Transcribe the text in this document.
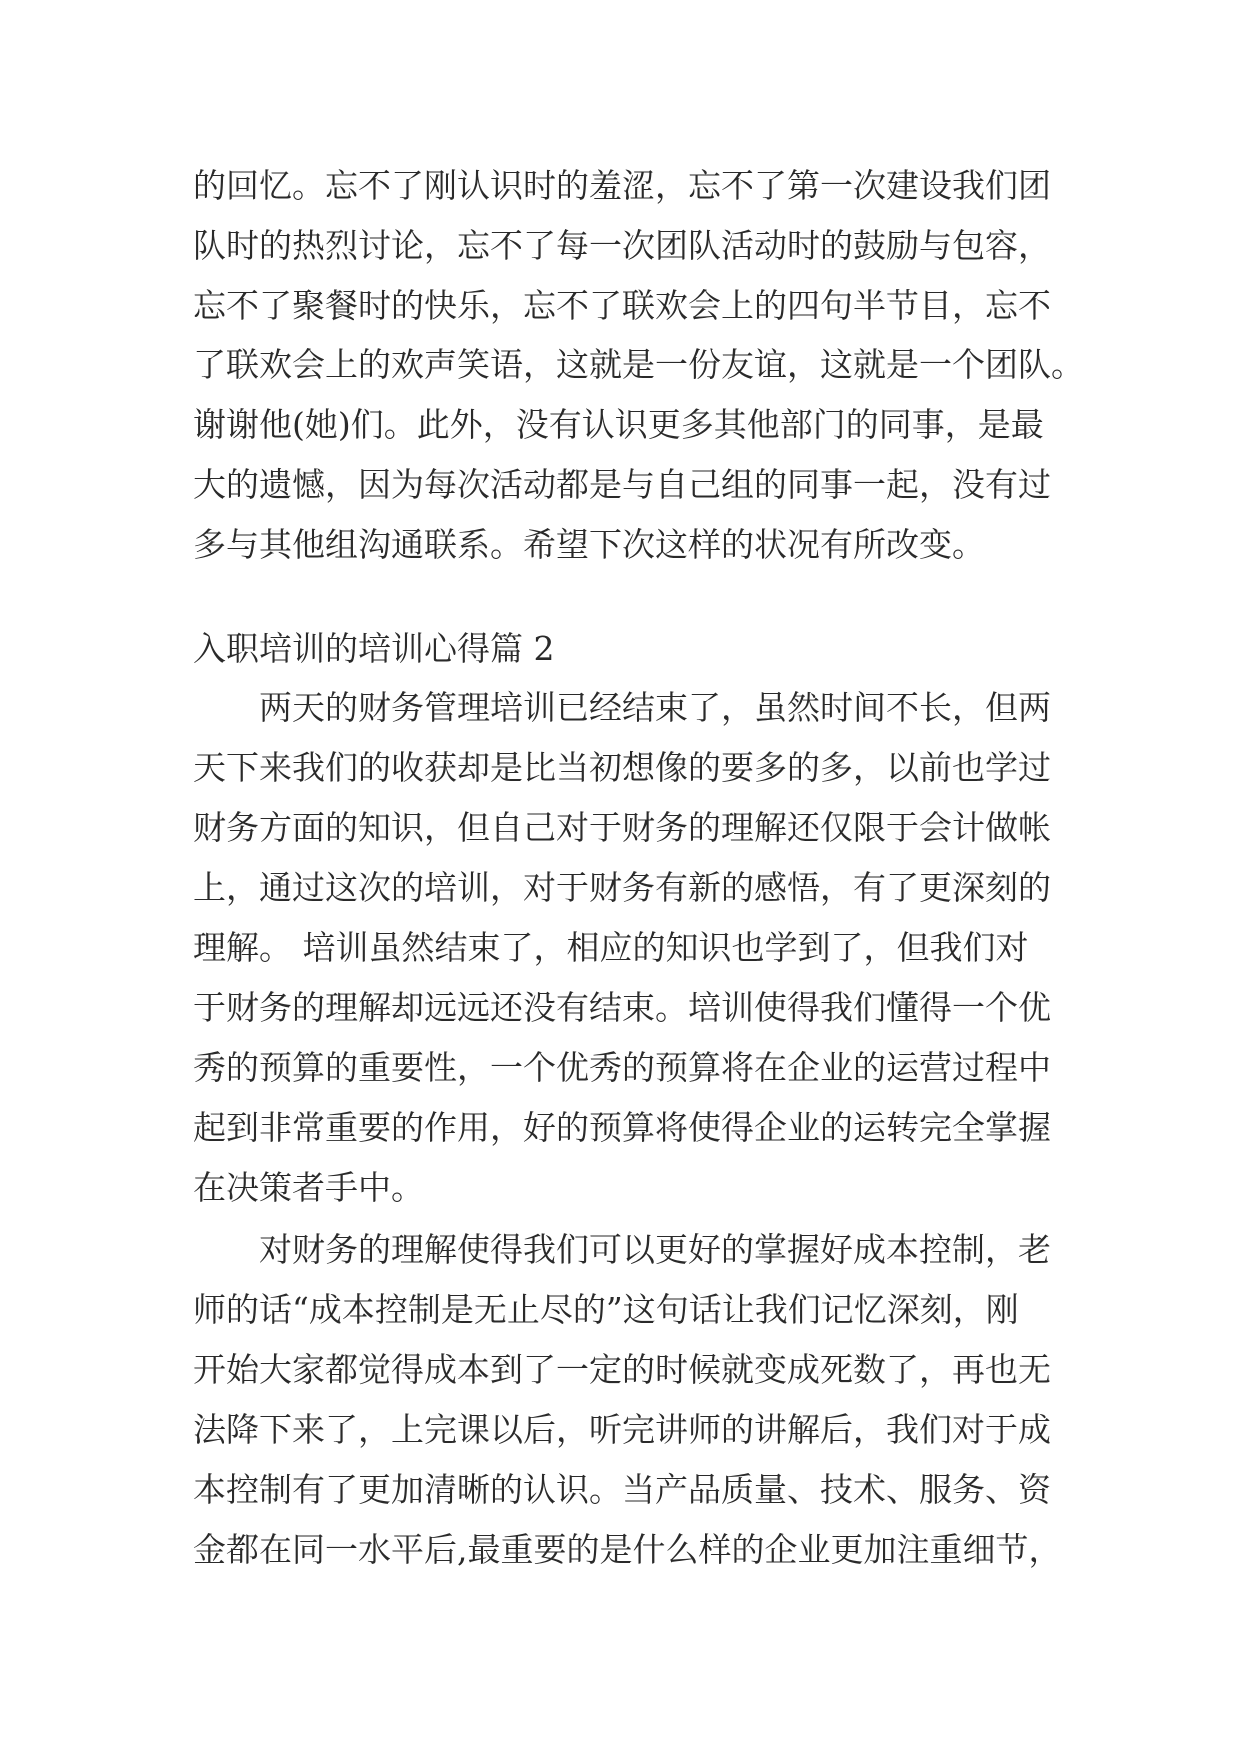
的回忆。忘不了刚认识时的羞涩，忘不了第一次建设我们团
队时的热烈讨论，忘不了每一次团队活动时的鼓励与包容，
忘不了聚餐时的快乐，忘不了联欢会上的四句半节目，忘不
了联欢会上的欢声笑语，这就是一份友谊，这就是一个团队。
谢谢他(她)们。此外，没有认识更多其他部门的同事，是最
大的遗憾，因为每次活动都是与自己组的同事一起，没有过
多与其他组沟通联系。希望下次这样的状况有所改变。
入职培训的培训心得篇 2
两天的财务管理培训已经结束了，虽然时间不长，但两
天下来我们的收获却是比当初想像的要多的多，以前也学过
财务方面的知识，但自己对于财务的理解还仅限于会计做帐
上，通过这次的培训，对于财务有新的感悟，有了更深刻的
理解。 培训虽然结束了，相应的知识也学到了，但我们对
于财务的理解却远远还没有结束。培训使得我们懂得一个优
秀的预算的重要性，一个优秀的预算将在企业的运营过程中
起到非常重要的作用，好的预算将使得企业的运转完全掌握
在决策者手中。
对财务的理解使得我们可以更好的掌握好成本控制，老
师的话“成本控制是无止尽的”这句话让我们记忆深刻，刚
开始大家都觉得成本到了一定的时候就变成死数了，再也无
法降下来了，上完课以后，听完讲师的讲解后，我们对于成
本控制有了更加清晰的认识。当产品质量、技术、服务、资
金都在同一水平后,最重要的是什么样的企业更加注重细节，
